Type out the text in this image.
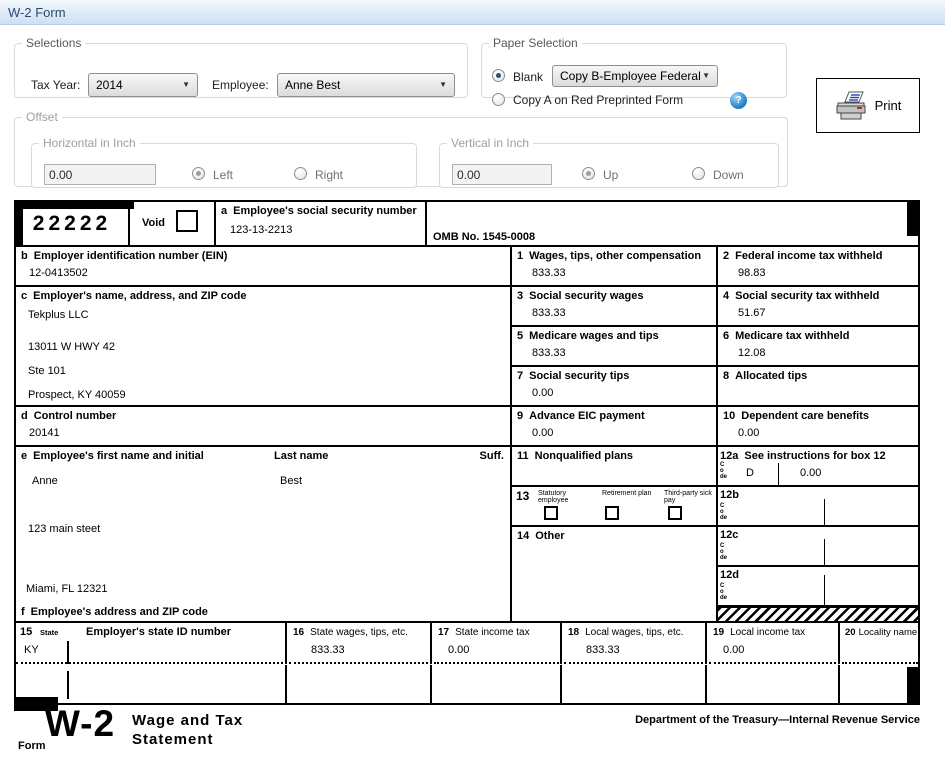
W-2 Form
Selections
Tax Year: 2014	▼ Employee: Anne Best	▼
Paper Selection
Blank Copy B-Employee Federal ▼
Copy A on Red Preprinted Form	?	Print
Offset
Horizontal in Inch
0.00
Left	Right
Vertical in Inch
0.00
Up	Down
22222	Void
a Employee's social security number
123-13-2213
OMB No. 1545-0008
b Employer identification number (EIN)
12-0413502
c Employer's name, address, and ZIP code
Tekplus LLC
13011 W HWY 42
Ste 101
Prospect, KY 40059
d Control number
20141
e Employee's first name and initial	Last name	Suff.
Anne	Best
123 main steet
Miami, FL 12321
f Employee's address and ZIP code
1 Wages, tips, other compensation
833.33
3 Social security wages
833.33
5 Medicare wages and tips
833.33
7 Social security tips
0.00
9 Advance EIC payment
0.00
11 Nonqualified plans
13 Statutory employee
Retirement plan	Third-party sick pay
14 Other
2 Federal income tax withheld
98.83
4 Social security tax withheld
51.67
6 Medicare tax withheld
12.08
8 Allocated tips
10 Dependent care benefits
0.00
12a See instructions for box 12
Code D	0.00
12b
Code
12c
Code
12d
Code
15 State	Employer's state ID number
KY
16 State wages, tips, etc.
833.33
17 State income tax
0.00
18 Local wages, tips, etc.
833.33
19 Local income tax
0.00
20 Locality name
Form
W-2 Wage and Tax
Statement
Department of the Treasury—Internal Revenue Service
